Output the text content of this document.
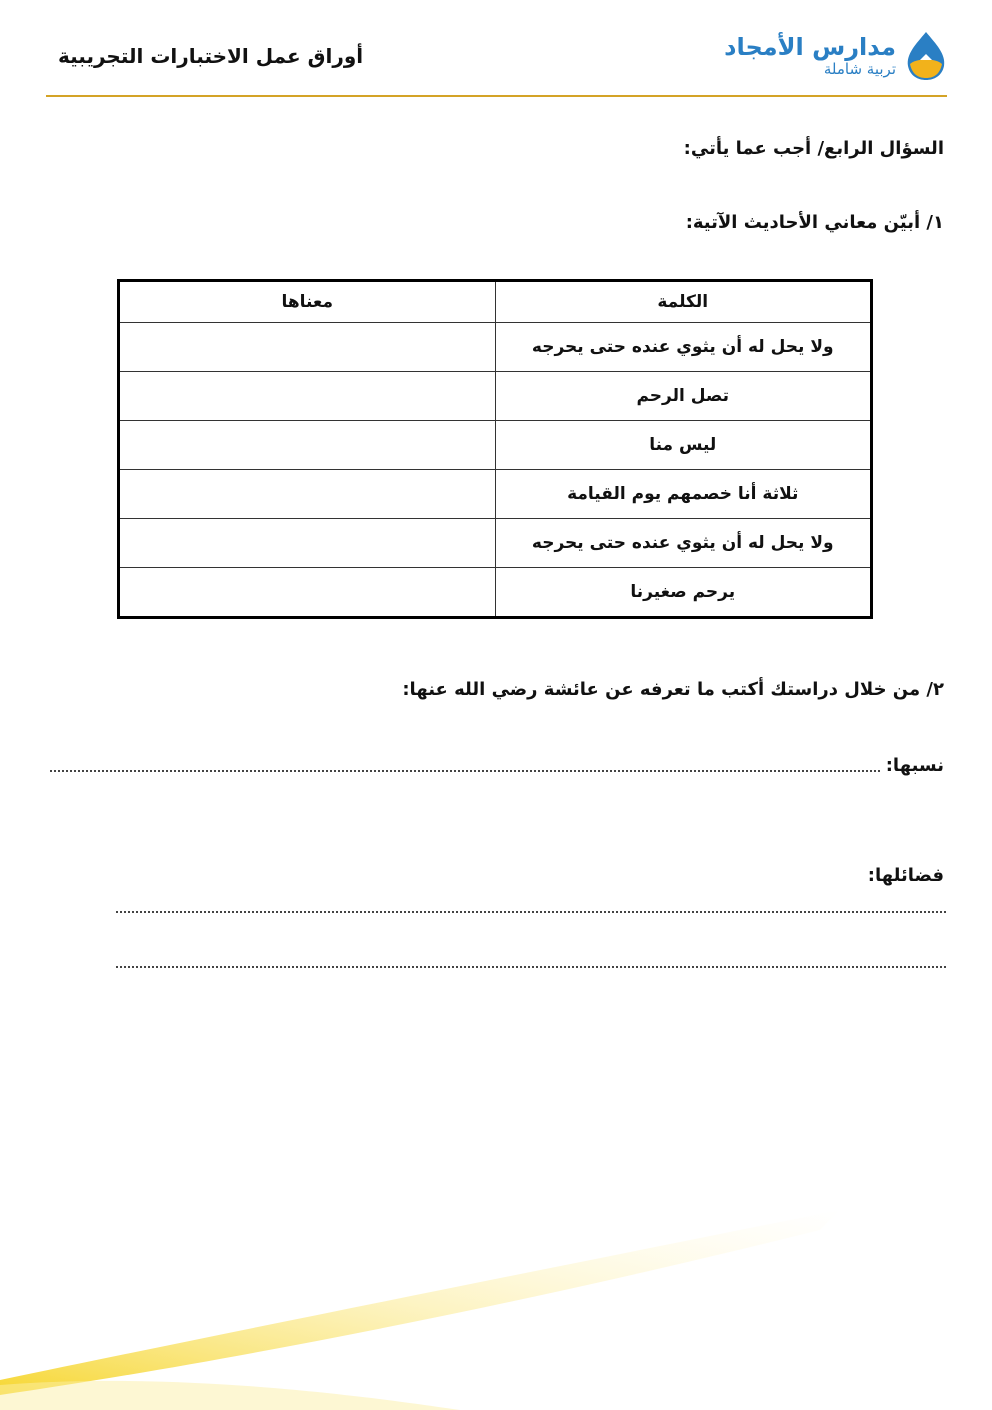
أوراق عمل الاختبارات التجريبية	مدارس الأمجاد
تربية شاملة
السؤال الرابع/ أجب عما يأتي:
١/ أبيّن معاني الأحاديث الآتية:
الكلمة	معناها
ولا يحل له أن يثوي عنده حتى يحرجه	
تصل الرحم	
ليس منا	
ثلاثة أنا خصمهم يوم القيامة	
ولا يحل له أن يثوي عنده حتى يحرجه	
يرحم صغيرنا	
٢/ من خلال دراستك أكتب ما تعرفه عن عائشة رضي الله عنها:
نسبها:
فضائلها:
